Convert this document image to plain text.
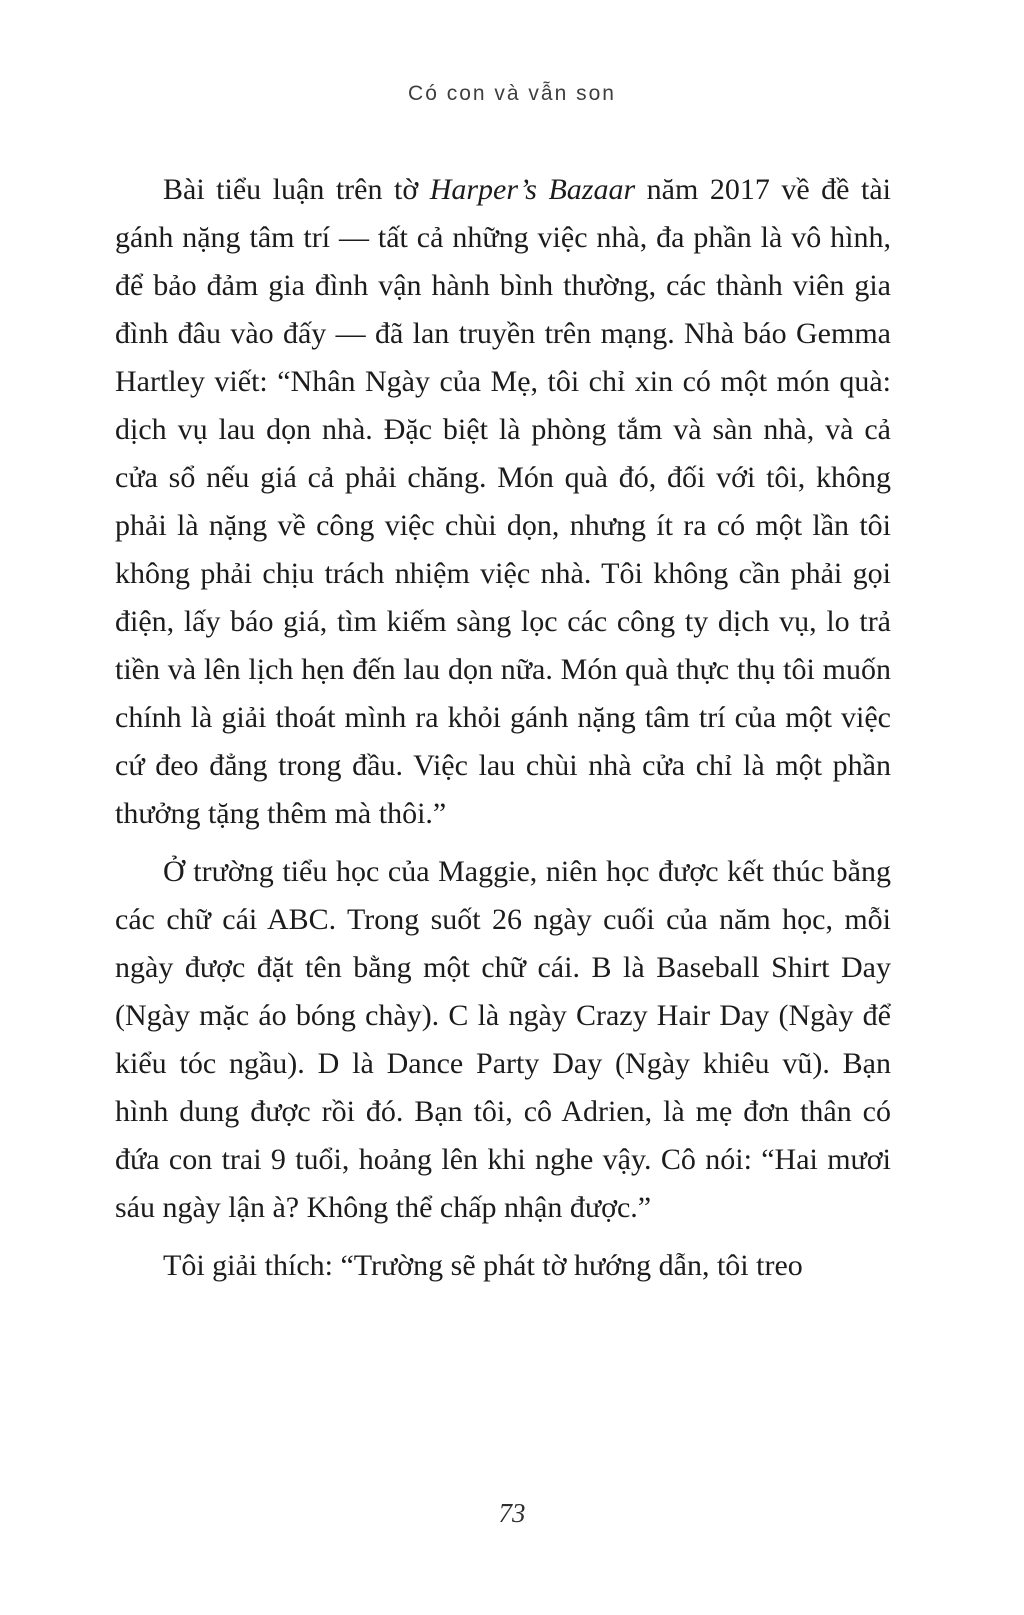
Có con và vẫn son

Bài tiểu luận trên tờ Harper’s Bazaar năm 2017 về đề tài gánh nặng tâm trí — tất cả những việc nhà, đa phần là vô hình, để bảo đảm gia đình vận hành bình thường, các thành viên gia đình đâu vào đấy — đã lan truyền trên mạng. Nhà báo Gemma Hartley viết: “Nhân Ngày của Mẹ, tôi chỉ xin có một món quà: dịch vụ lau dọn nhà. Đặc biệt là phòng tắm và sàn nhà, và cả cửa sổ nếu giá cả phải chăng. Món quà đó, đối với tôi, không phải là nặng về công việc chùi dọn, nhưng ít ra có một lần tôi không phải chịu trách nhiệm việc nhà. Tôi không cần phải gọi điện, lấy báo giá, tìm kiếm sàng lọc các công ty dịch vụ, lo trả tiền và lên lịch hẹn đến lau dọn nữa. Món quà thực thụ tôi muốn chính là giải thoát mình ra khỏi gánh nặng tâm trí của một việc cứ đeo đẳng trong đầu. Việc lau chùi nhà cửa chỉ là một phần thưởng tặng thêm mà thôi.”

Ở trường tiểu học của Maggie, niên học được kết thúc bằng các chữ cái ABC. Trong suốt 26 ngày cuối của năm học, mỗi ngày được đặt tên bằng một chữ cái. B là Baseball Shirt Day (Ngày mặc áo bóng chày). C là ngày Crazy Hair Day (Ngày để kiểu tóc ngầu). D là Dance Party Day (Ngày khiêu vũ). Bạn hình dung được rồi đó. Bạn tôi, cô Adrien, là mẹ đơn thân có đứa con trai 9 tuổi, hoảng lên khi nghe vậy. Cô nói: “Hai mươi sáu ngày lận à? Không thể chấp nhận được.”

Tôi giải thích: “Trường sẽ phát tờ hướng dẫn, tôi treo

73
